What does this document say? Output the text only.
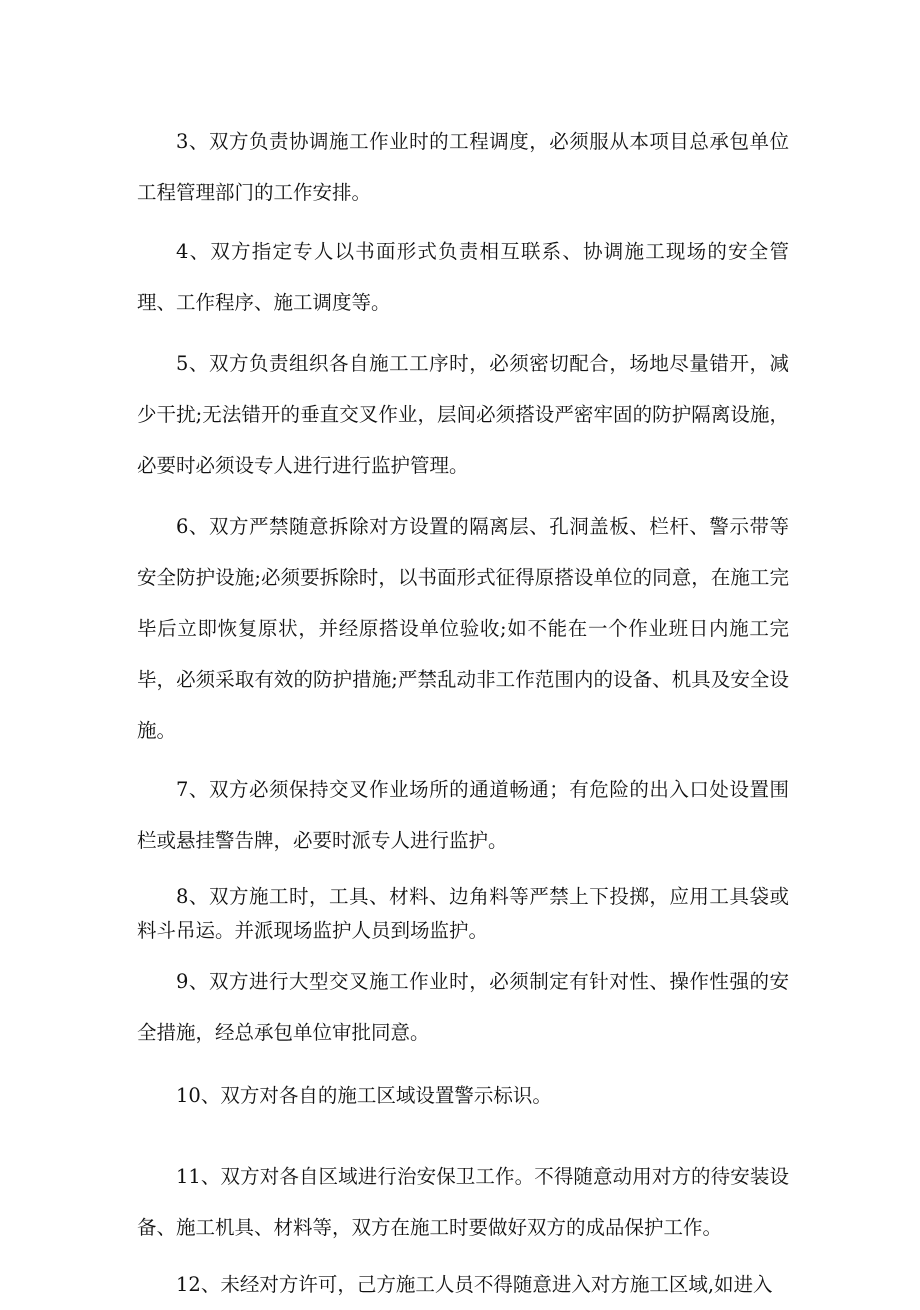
3、双方负责协调施工作业时的工程调度，必须服从本项目总承包单位工程管理部门的工作安排。

4、双方指定专人以书面形式负责相互联系、协调施工现场的安全管理、工作程序、施工调度等。

5、双方负责组织各自施工工序时，必须密切配合，场地尽量错开，减少干扰;无法错开的垂直交叉作业，层间必须搭设严密牢固的防护隔离设施，必要时必须设专人进行进行监护管理。

6、双方严禁随意拆除对方设置的隔离层、孔洞盖板、栏杆、警示带等安全防护设施;必须要拆除时，以书面形式征得原搭设单位的同意，在施工完毕后立即恢复原状，并经原搭设单位验收;如不能在一个作业班日内施工完毕，必须采取有效的防护措施;严禁乱动非工作范围内的设备、机具及安全设施。

7、双方必须保持交叉作业场所的通道畅通；有危险的出入口处设置围栏或悬挂警告牌，必要时派专人进行监护。

8、双方施工时，工具、材料、边角料等严禁上下投掷，应用工具袋或料斗吊运。并派现场监护人员到场监护。

9、双方进行大型交叉施工作业时，必须制定有针对性、操作性强的安全措施，经总承包单位审批同意。

10、双方对各自的施工区域设置警示标识。

11、双方对各自区域进行治安保卫工作。不得随意动用对方的待安装设备、施工机具、材料等，双方在施工时要做好双方的成品保护工作。

12、未经对方许可，己方施工人员不得随意进入对方施工区域,如进入
